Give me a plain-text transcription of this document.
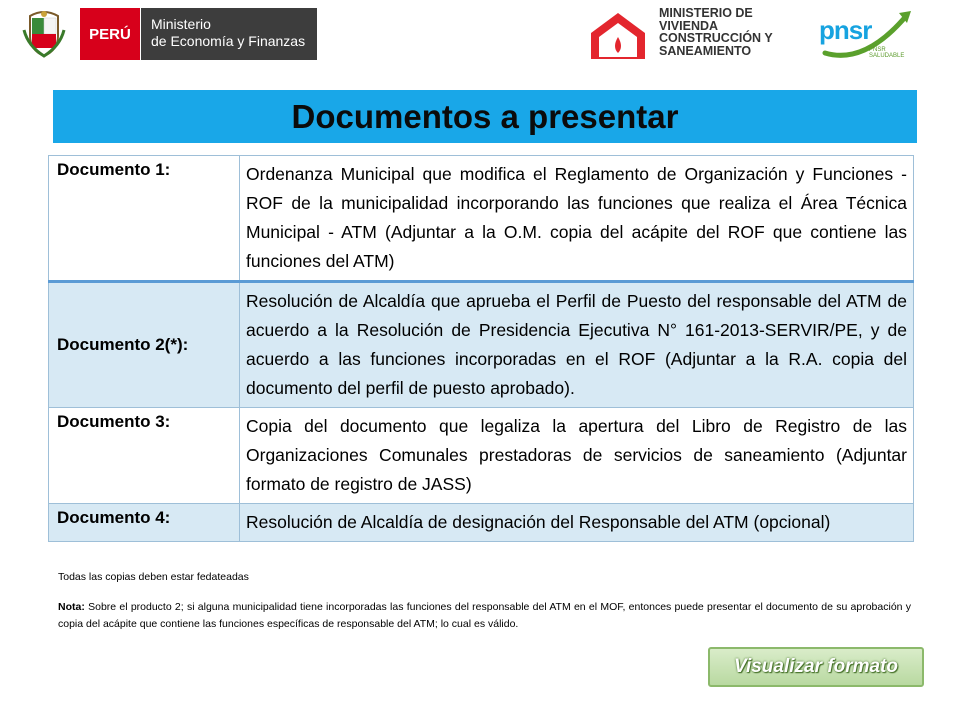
PERÚ
Ministerio
de Economía y Finanzas
MINISTERIO DE
VIVIENDA
CONSTRUCCIÓN Y
SANEAMIENTO
pnsr
PNSR SALUDABLE
Documentos a presentar
Documento 1:	Ordenanza Municipal que modifica el Reglamento de Organización y Funciones - ROF de la municipalidad incorporando las funciones que realiza el Área Técnica Municipal - ATM (Adjuntar a la O.M. copia del acápite del ROF que contiene las funciones del ATM)
Documento 2(*):	Resolución de Alcaldía que aprueba el Perfil de Puesto del responsable del ATM de acuerdo a la Resolución de Presidencia Ejecutiva N° 161-2013-SERVIR/PE, y de acuerdo a las funciones incorporadas en el ROF (Adjuntar a la R.A. copia del documento del perfil de puesto aprobado).
Documento 3:	Copia del documento que legaliza la apertura del Libro de Registro de las Organizaciones Comunales prestadoras de servicios de saneamiento (Adjuntar formato de registro de JASS)
Documento 4:	Resolución de Alcaldía de designación del Responsable del ATM (opcional)
Todas las copias deben estar fedateadas
Nota: Sobre el producto 2; si alguna municipalidad tiene incorporadas las funciones del responsable del ATM en el MOF, entonces puede presentar el documento de su aprobación y copia del acápite que contiene las funciones específicas de responsable del ATM; lo cual es válido.
Visualizar formato
